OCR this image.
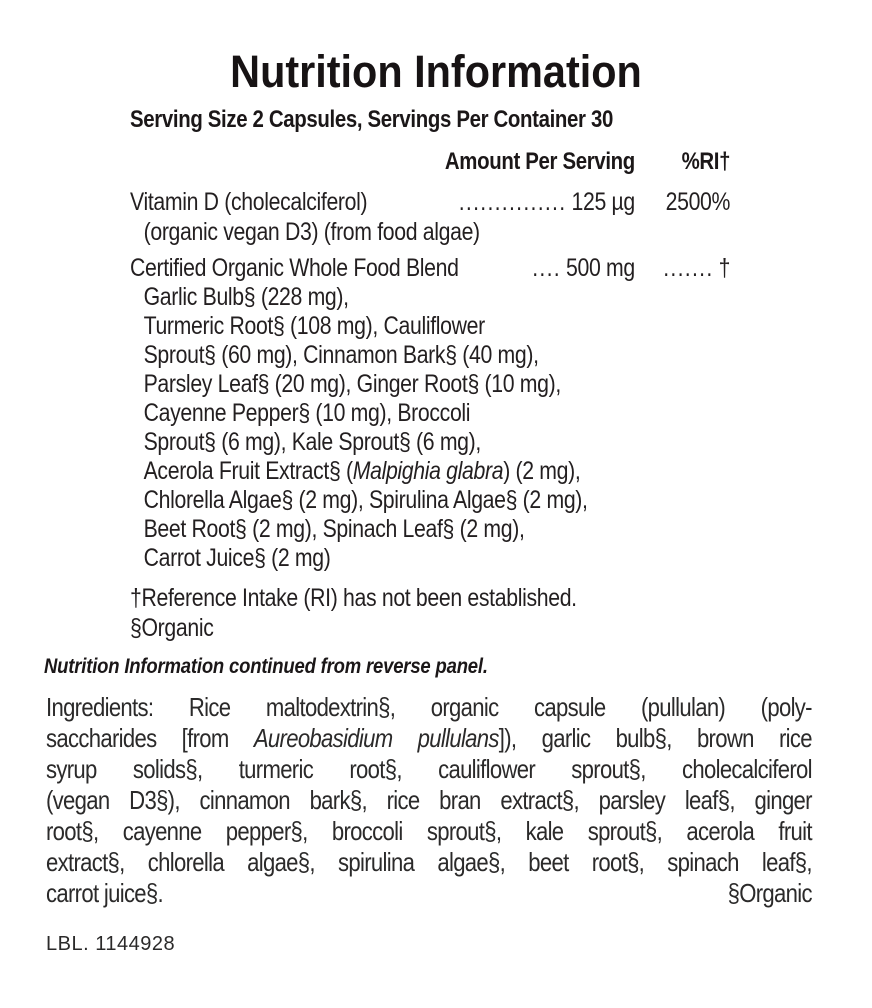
Nutrition Information
Serving Size 2 Capsules, Servings Per Container 30
Amount Per Serving	%RI†
Vitamin D (cholecalciferol)	............... 125 µg	2500%
(organic vegan D3) (from food algae)
Certified Organic Whole Food Blend	.... 500 mg	....... †
Garlic Bulb§ (228 mg),
Turmeric Root§ (108 mg), Cauliflower
Sprout§ (60 mg), Cinnamon Bark§ (40 mg),
Parsley Leaf§ (20 mg), Ginger Root§ (10 mg),
Cayenne Pepper§ (10 mg), Broccoli
Sprout§ (6 mg), Kale Sprout§ (6 mg),
Acerola Fruit Extract§ (Malpighia glabra) (2 mg),
Chlorella Algae§ (2 mg), Spirulina Algae§ (2 mg),
Beet Root§ (2 mg), Spinach Leaf§ (2 mg),
Carrot Juice§ (2 mg)
†Reference Intake (RI) has not been established.
§Organic
Nutrition Information continued from reverse panel.
Ingredients: Rice maltodextrin§, organic capsule (pullulan) (poly-
saccharides [from Aureobasidium pullulans]), garlic bulb§, brown rice
syrup solids§, turmeric root§, cauliflower sprout§, cholecalciferol
(vegan D3§), cinnamon bark§, rice bran extract§, parsley leaf§, ginger
root§, cayenne pepper§, broccoli sprout§, kale sprout§, acerola fruit
extract§, chlorella algae§, spirulina algae§, beet root§, spinach leaf§,
carrot juice§.	§Organic
LBL. 1144928
